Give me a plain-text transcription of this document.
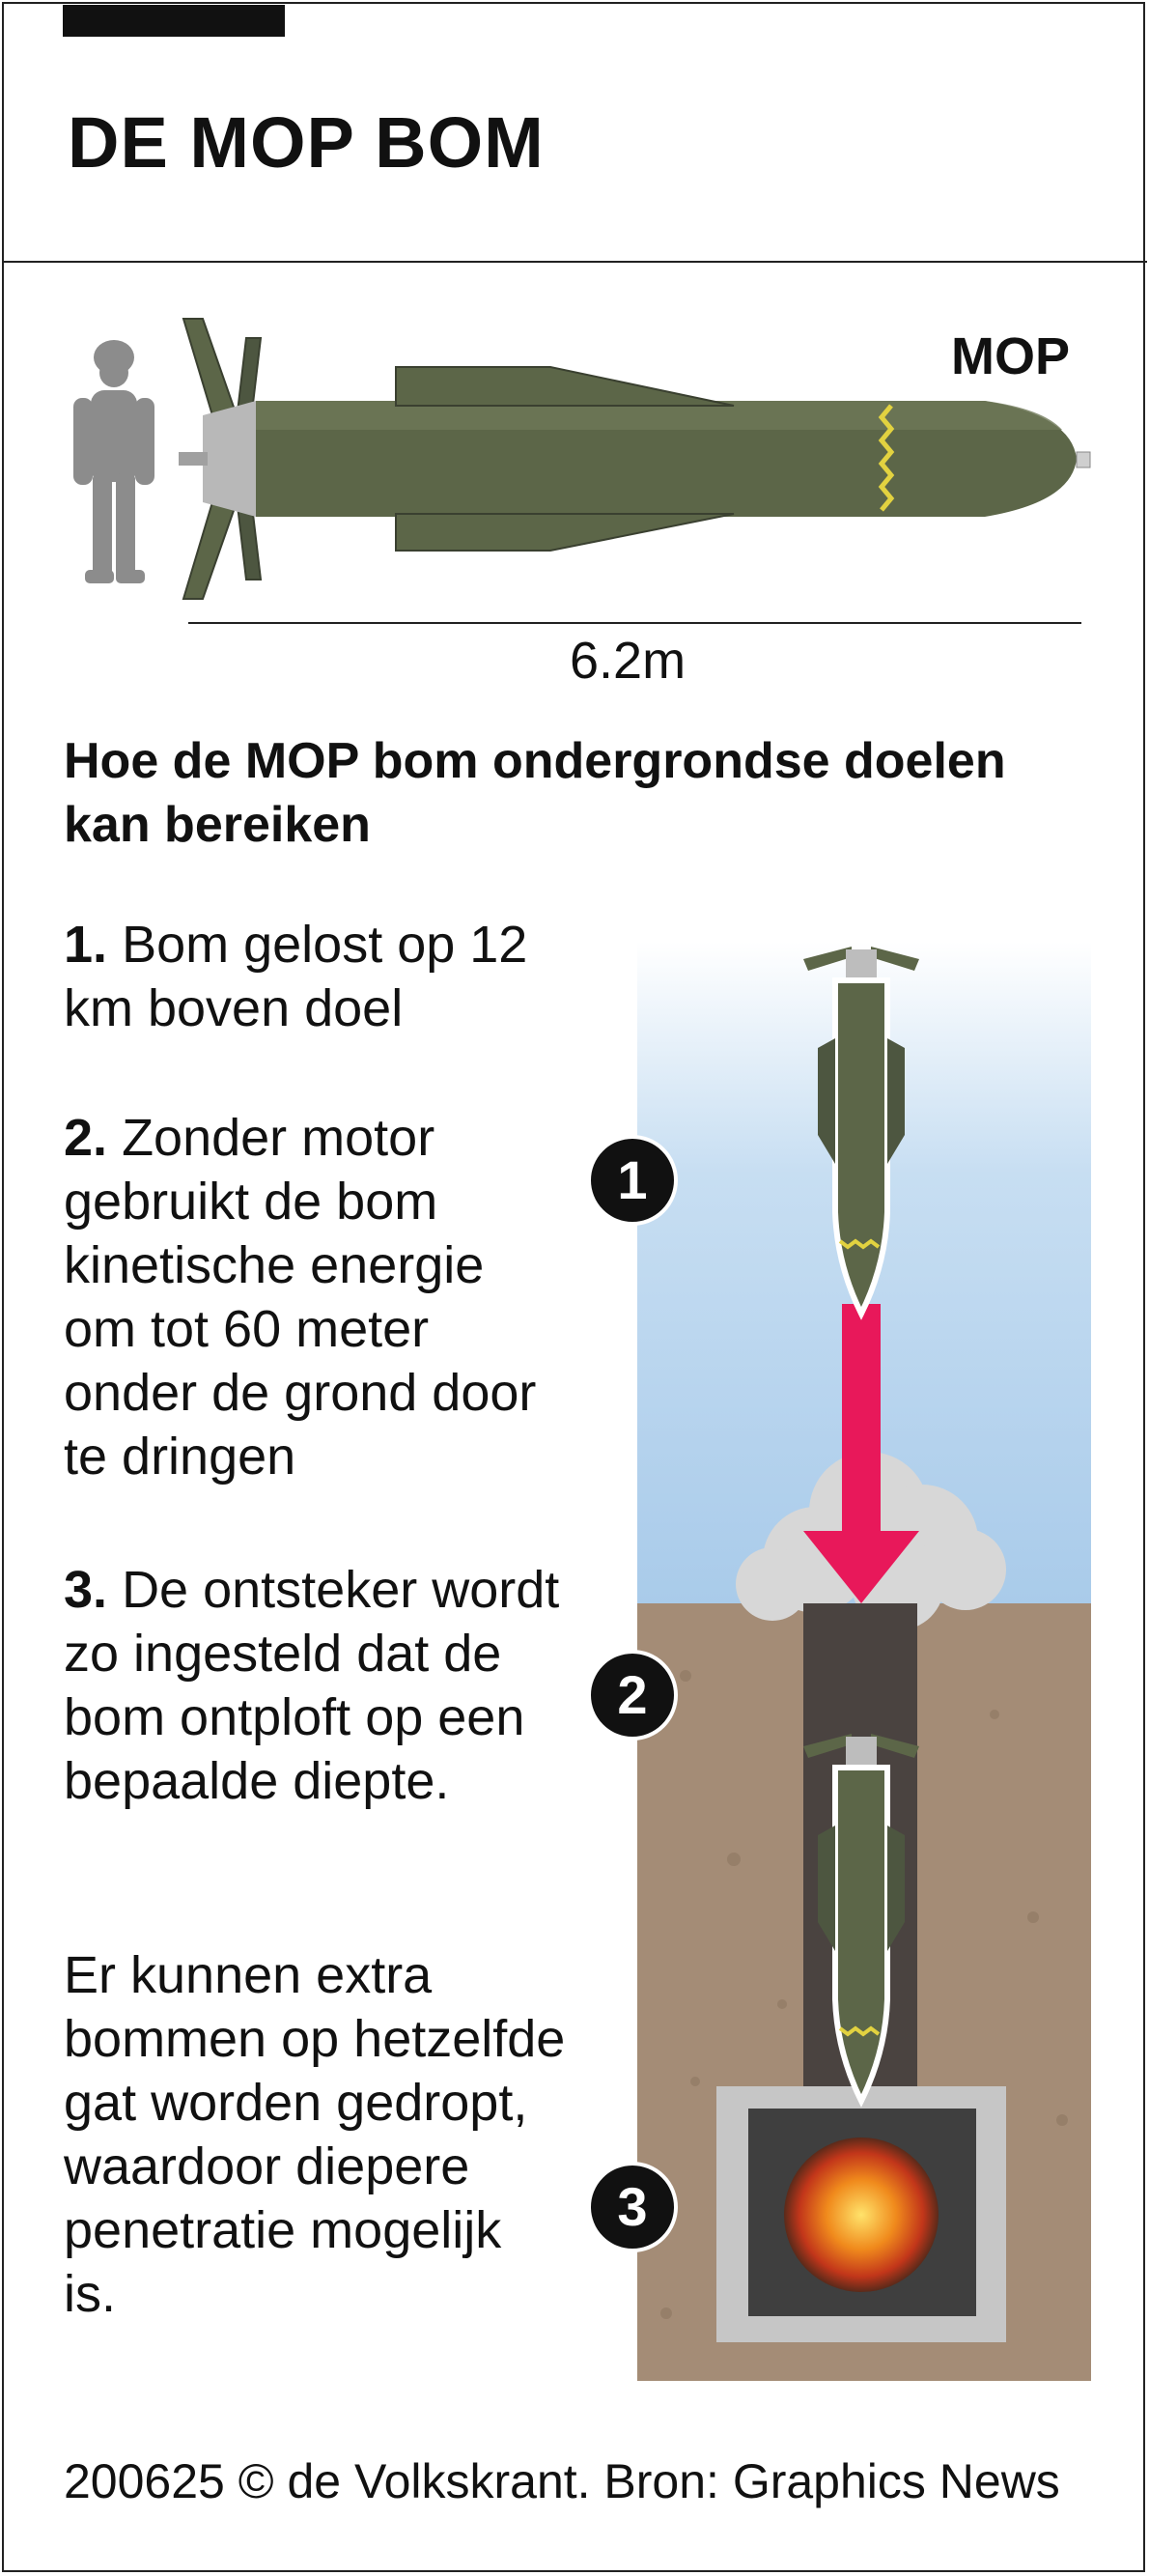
DE MOP BOM
MOP
6.2m
Hoe de MOP bom ondergrondse doelen kan bereiken
1. Bom gelost op 12 km boven doel
2. Zonder motor gebruikt de bom kinetische energie om tot 60 meter onder de grond door te dringen
3. De ontsteker wordt zo ingesteld dat de bom ontploft op een bepaalde diepte.
Er kunnen extra bommen op hetzelfde gat worden gedropt, waardoor diepere penetratie mogelijk is.
1
2
3
200625 © de Volkskrant. Bron: Graphics News
